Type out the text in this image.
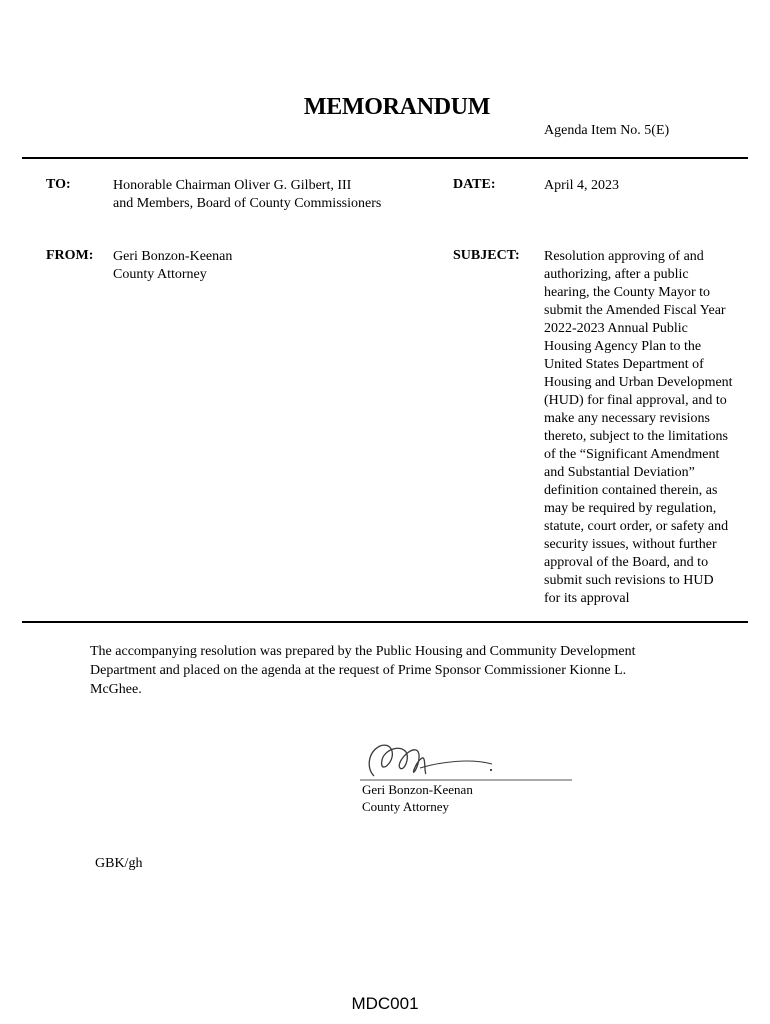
MEMORANDUM
Agenda Item No. 5(E)
TO:	Honorable Chairman Oliver G. Gilbert, III
and Members, Board of County Commissioners
DATE:	April 4, 2023
FROM: Geri Bonzon-Keenan
County Attorney
SUBJECT: Resolution approving of and
authorizing, after a public
hearing, the County Mayor to
submit the Amended Fiscal Year
2022-2023 Annual Public
Housing Agency Plan to the
United States Department of
Housing and Urban Development
(HUD) for final approval, and to
make any necessary revisions
thereto, subject to the limitations
of the “Significant Amendment
and Substantial Deviation”
definition contained therein, as
may be required by regulation,
statute, court order, or safety and
security issues, without further
approval of the Board, and to
submit such revisions to HUD
for its approval
The accompanying resolution was prepared by the Public Housing and Community Development
Department and placed on the agenda at the request of Prime Sponsor Commissioner Kionne L.
McGhee.
Geri Bonzon-Keenan
County Attorney
GBK/gh
MDC001
